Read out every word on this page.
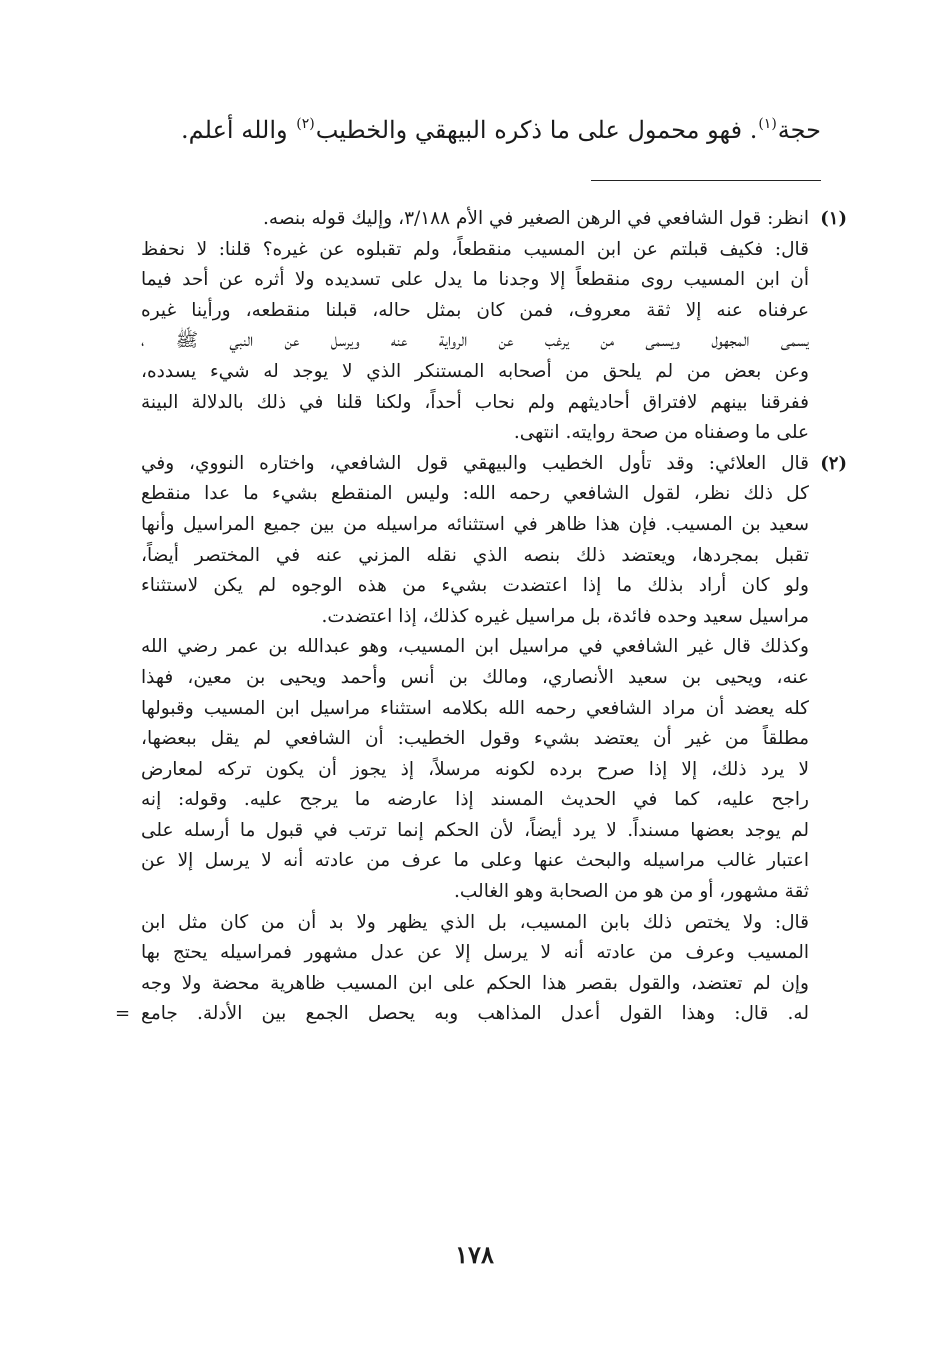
حجة$^{(١)}$. فهو محمول على ما ذكره البيهقي والخطيب$^{(٢)}$ والله أعلم.
(١)
انظر: قول الشافعي في الرهن الصغير في الأم ٣/١٨٨، وإليك قوله بنصه.
قال: فكيف قبلتم عن ابن المسيب منقطعاً، ولم تقبلوه عن غيره؟ قلنا: لا نحفظ
أن ابن المسيب روى منقطعاً إلا وجدنا ما يدل على تسديده ولا أثره عن أحد فيما
عرفناه عنه إلا ثقة معروف، فمن كان بمثل حاله، قبلنا منقطعه، ورأينا غيره
يسمى المجهول ويسمى من يرغب عن الرواية عنه ويرسل عن النبي ﷺ ،
وعن بعض من لم يلحق من أصحابه المستنكر الذي لا يوجد له شيء يسدده،
ففرقنا بينهم لافتراق أحاديثهم ولم نحاب أحداً، ولكنا قلنا في ذلك بالدلالة البينة
على ما وصفناه من صحة روايته. انتهى.
(٢)
قال العلائي: وقد تأول الخطيب والبيهقي قول الشافعي، واختاره النووي، وفي
كل ذلك نظر، لقول الشافعي رحمه الله: وليس المنقطع بشيء ما عدا منقطع
سعيد بن المسيب. فإن هذا ظاهر في استثنائه مراسيله من بين جميع المراسيل وأنها
تقبل بمجردها، ويعتضد ذلك بنصه الذي نقله المزني عنه في المختصر أيضاً،
ولو كان أراد بذلك ما إذا اعتضدت بشيء من هذه الوجوه لم يكن لاستثناء
مراسيل سعيد وحده فائدة، بل مراسيل غيره كذلك، إذا اعتضدت.
وكذلك قال غير الشافعي في مراسيل ابن المسيب، وهو عبدالله بن عمر رضي الله
عنه، ويحيى بن سعيد الأنصاري، ومالك بن أنس وأحمد ويحيى بن معين، فهذا
كله يعضد أن مراد الشافعي رحمه الله بكلامه استثناء مراسيل ابن المسيب وقبولها
مطلقاً من غير أن يعتضد بشيء وقول الخطيب: أن الشافعي لم يقل ببعضها،
لا يرد ذلك، إلا إذا صرح برده لكونه مرسلاً، إذ يجوز أن يكون تركه لمعارض
راجح عليه، كما في الحديث المسند إذا عارضه ما يرجح عليه. وقوله: إنه
لم يوجد بعضها مسنداً. لا يرد أيضاً، لأن الحكم إنما ترتب في قبول ما أرسله على
اعتبار غالب مراسيله والبحث عنها وعلى ما عرف من عادته أنه لا يرسل إلا عن
ثقة مشهور، أو من هو من الصحابة وهو الغالب.
قال: ولا يختص ذلك بابن المسيب، بل الذي يظهر ولا بد أن من كان مثل ابن
المسيب وعرف من عادته أنه لا يرسل إلا عن عدل مشهور فمراسيله يحتج بها
وإن لم تعتضد، والقول بقصر هذا الحكم على ابن المسيب ظاهرية محضة ولا وجه
له. قال: وهذا القول أعدل المذاهب وبه يحصل الجمع بين الأدلة. جامع
=
١٧٨
